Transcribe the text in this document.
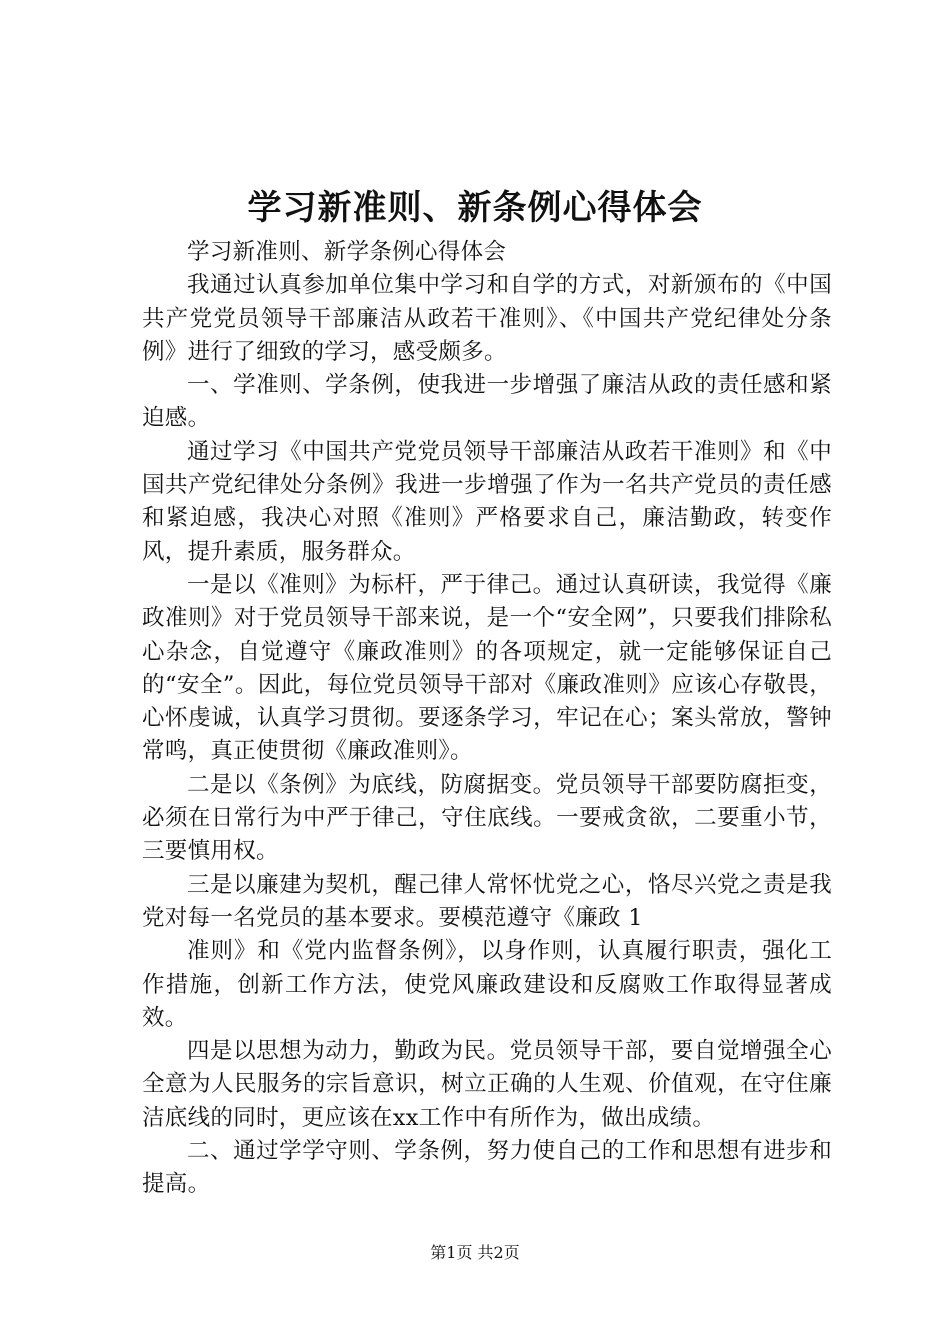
学习新准则、新条例心得体会

学习新准则、新学条例心得体会

我通过认真参加单位集中学习和自学的方式，对新颁布的《中国共产党党员领导干部廉洁从政若干准则》、《中国共产党纪律处分条例》进行了细致的学习，感受颇多。

一、学准则、学条例，使我进一步增强了廉洁从政的责任感和紧迫感。

通过学习《中国共产党党员领导干部廉洁从政若干准则》和《中国共产党纪律处分条例》我进一步增强了作为一名共产党员的责任感和紧迫感，我决心对照《准则》严格要求自己，廉洁勤政，转变作风，提升素质，服务群众。

一是以《准则》为标杆，严于律己。通过认真研读，我觉得《廉政准则》对于党员领导干部来说，是一个“安全网”，只要我们排除私心杂念，自觉遵守《廉政准则》的各项规定，就一定能够保证自己的“安全”。因此，每位党员领导干部对《廉政准则》应该心存敬畏，心怀虔诚，认真学习贯彻。要逐条学习，牢记在心；案头常放，警钟常鸣，真正使贯彻《廉政准则》。

二是以《条例》为底线，防腐据变。党员领导干部要防腐拒变，必须在日常行为中严于律己，守住底线。一要戒贪欲，二要重小节，三要慎用权。

三是以廉建为契机，醒己律人常怀忧党之心，恪尽兴党之责是我党对每一名党员的基本要求。要模范遵守《廉政 1

准则》和《党内监督条例》，以身作则，认真履行职责，强化工作措施，创新工作方法，使党风廉政建设和反腐败工作取得显著成效。

四是以思想为动力，勤政为民。党员领导干部，要自觉增强全心全意为人民服务的宗旨意识，树立正确的人生观、价值观，在守住廉洁底线的同时，更应该在xx工作中有所作为，做出成绩。

二、通过学学守则、学条例，努力使自己的工作和思想有进步和提高。

第1页 共2页
